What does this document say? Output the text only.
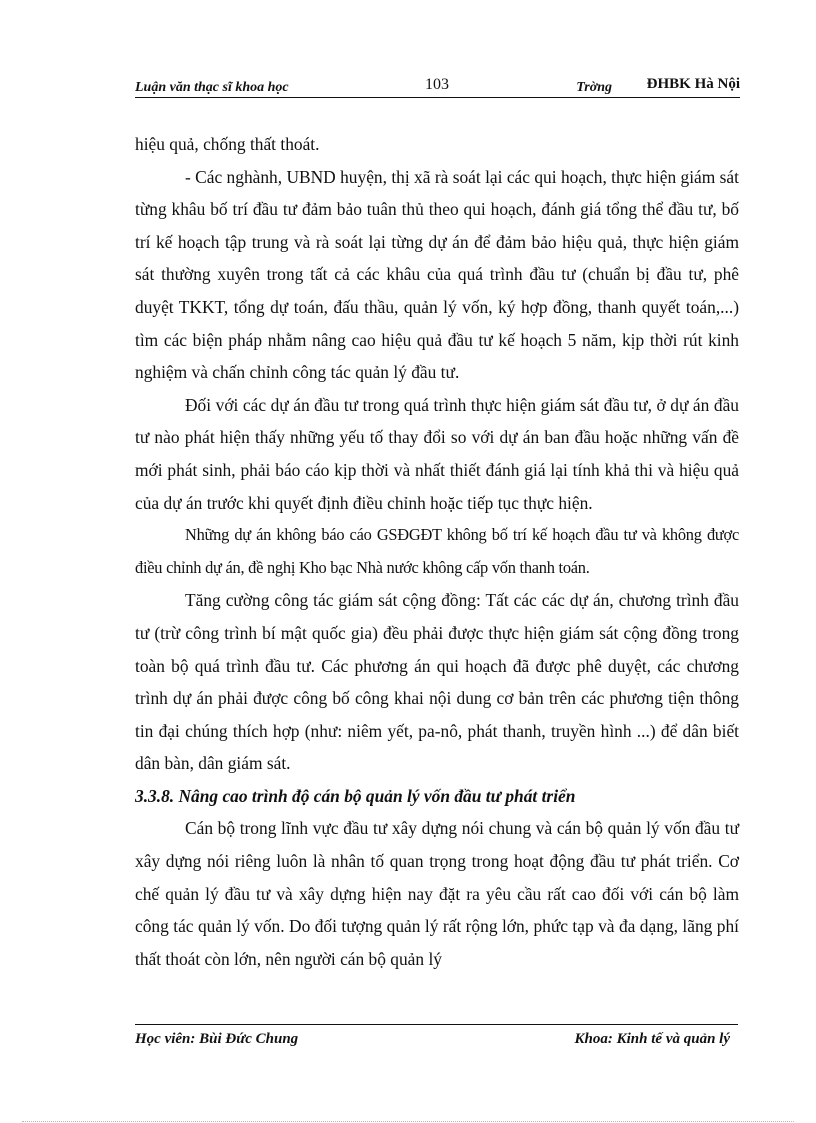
Luận văn thạc sĩ khoa học	103	Trờng ĐHBK Hà Nội

hiệu quả, chống thất thoát.

- Các nghành, UBND huyện, thị xã rà soát lại các qui hoạch, thực hiện giám sát từng khâu bố trí đầu tư đảm bảo tuân thủ theo qui hoạch, đánh giá tổng thể đầu tư, bố trí kế hoạch tập trung và rà soát lại từng dự án để đảm bảo hiệu quả, thực hiện giám sát thường xuyên trong tất cả các khâu của quá trình đầu tư (chuẩn bị đầu tư, phê duyệt TKKT, tổng dự toán, đấu thầu, quản lý vốn, ký hợp đồng, thanh quyết toán,...) tìm các biện pháp nhằm nâng cao hiệu quả đầu tư kế hoạch 5 năm, kịp thời rút kinh nghiệm và chấn chỉnh công tác quản lý đầu tư.

Đối với các dự án đầu tư trong quá trình thực hiện giám sát đầu tư, ở dự án đầu tư nào phát hiện thấy những yếu tố thay đổi so với dự án ban đầu hoặc những vấn đề mới phát sinh, phải báo cáo kịp thời và nhất thiết đánh giá lại tính khả thi và hiệu quả của dự án trước khi quyết định điều chỉnh hoặc tiếp tục thực hiện.

Những dự án không báo cáo GSĐGĐT không bố trí kế hoạch đầu tư và không được điều chỉnh dự án, đề nghị Kho bạc Nhà nước không cấp vốn thanh toán.

Tăng cường công tác giám sát cộng đồng: Tất các các dự án, chương trình đầu tư (trừ công trình bí mật quốc gia) đều phải được thực hiện giám sát cộng đồng trong toàn bộ quá trình đầu tư. Các phương án qui hoạch đã được phê duyệt, các chương trình dự án phải được công bố công khai nội dung cơ bản trên các phương tiện thông tin đại chúng thích hợp (như: niêm yết, pa-nô, phát thanh, truyền hình ...) để dân biết dân bàn, dân giám sát.

3.3.8. Nâng cao trình độ cán bộ quản lý vốn đầu tư phát triển

Cán bộ trong lĩnh vực đầu tư xây dựng nói chung và cán bộ quản lý vốn đầu tư xây dựng nói riêng luôn là nhân tố quan trọng trong hoạt động đầu tư phát triển. Cơ chế quản lý đầu tư và xây dựng hiện nay đặt ra yêu cầu rất cao đối với cán bộ làm công tác quản lý vốn. Do đối tượng quản lý rất rộng lớn, phức tạp và đa dạng, lãng phí thất thoát còn lớn, nên người cán bộ quản lý

Học viên: Bùi Đức Chung	Khoa: Kinh tế và quản lý
